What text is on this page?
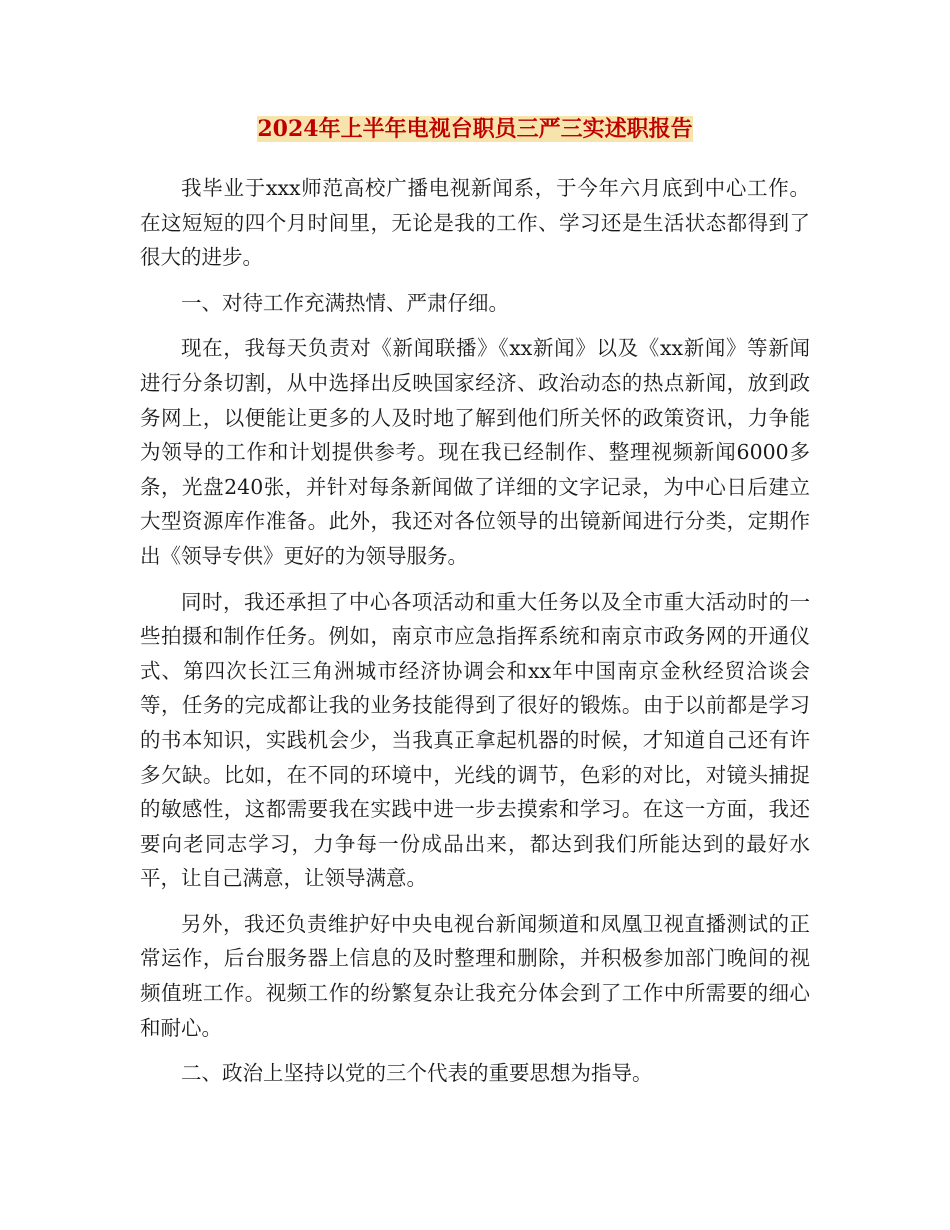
2024年上半年电视台职员三严三实述职报告

我毕业于xxx师范高校广播电视新闻系，于今年六月底到中心工作。在这短短的四个月时间里，无论是我的工作、学习还是生活状态都得到了很大的进步。

一、对待工作充满热情、严肃仔细。

现在，我每天负责对《新闻联播》《xx新闻》以及《xx新闻》等新闻进行分条切割，从中选择出反映国家经济、政治动态的热点新闻，放到政务网上，以便能让更多的人及时地了解到他们所关怀的政策资讯，力争能为领导的工作和计划提供参考。现在我已经制作、整理视频新闻6000多条，光盘240张，并针对每条新闻做了详细的文字记录，为中心日后建立大型资源库作准备。此外，我还对各位领导的出镜新闻进行分类，定期作出《领导专供》更好的为领导服务。

同时，我还承担了中心各项活动和重大任务以及全市重大活动时的一些拍摄和制作任务。例如，南京市应急指挥系统和南京市政务网的开通仪式、第四次长江三角洲城市经济协调会和xx年中国南京金秋经贸洽谈会等，任务的完成都让我的业务技能得到了很好的锻炼。由于以前都是学习的书本知识，实践机会少，当我真正拿起机器的时候，才知道自己还有许多欠缺。比如，在不同的环境中，光线的调节，色彩的对比，对镜头捕捉的敏感性，这都需要我在实践中进一步去摸索和学习。在这一方面，我还要向老同志学习，力争每一份成品出来，都达到我们所能达到的最好水平，让自己满意，让领导满意。

另外，我还负责维护好中央电视台新闻频道和凤凰卫视直播测试的正常运作，后台服务器上信息的及时整理和删除，并积极参加部门晚间的视频值班工作。视频工作的纷繁复杂让我充分体会到了工作中所需要的细心和耐心。

二、政治上坚持以党的三个代表的重要思想为指导。
